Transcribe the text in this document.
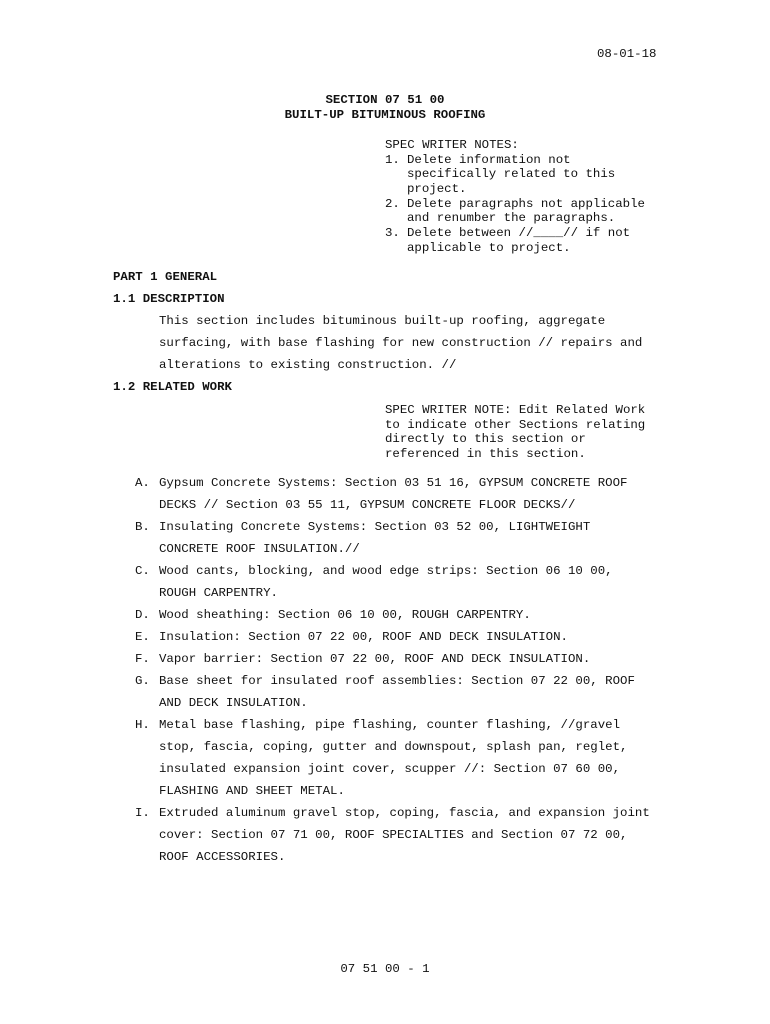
08-01-18
SECTION 07 51 00
BUILT-UP BITUMINOUS ROOFING
SPEC WRITER NOTES:
1. Delete information not
specifically related to this
project.
2. Delete paragraphs not applicable
and renumber the paragraphs.
3. Delete between //____// if not
applicable to project.
PART 1 GENERAL
1.1 DESCRIPTION
This section includes bituminous built-up roofing, aggregate
surfacing, with base flashing for new construction // repairs and
alterations to existing construction. //
1.2 RELATED WORK
SPEC WRITER NOTE: Edit Related Work
to indicate other Sections relating
directly to this section or
referenced in this section.
A. Gypsum Concrete Systems: Section 03 51 16, GYPSUM CONCRETE ROOF
DECKS // Section 03 55 11, GYPSUM CONCRETE FLOOR DECKS//
B. Insulating Concrete Systems: Section 03 52 00, LIGHTWEIGHT
CONCRETE ROOF INSULATION.//
C. Wood cants, blocking, and wood edge strips: Section 06 10 00,
ROUGH CARPENTRY.
D. Wood sheathing: Section 06 10 00, ROUGH CARPENTRY.
E. Insulation: Section 07 22 00, ROOF AND DECK INSULATION.
F. Vapor barrier: Section 07 22 00, ROOF AND DECK INSULATION.
G. Base sheet for insulated roof assemblies: Section 07 22 00, ROOF
AND DECK INSULATION.
H. Metal base flashing, pipe flashing, counter flashing, //gravel
stop, fascia, coping, gutter and downspout, splash pan, reglet,
insulated expansion joint cover, scupper //: Section 07 60 00,
FLASHING AND SHEET METAL.
I. Extruded aluminum gravel stop, coping, fascia, and expansion joint
cover: Section 07 71 00, ROOF SPECIALTIES and Section 07 72 00,
ROOF ACCESSORIES.
07 51 00 - 1
